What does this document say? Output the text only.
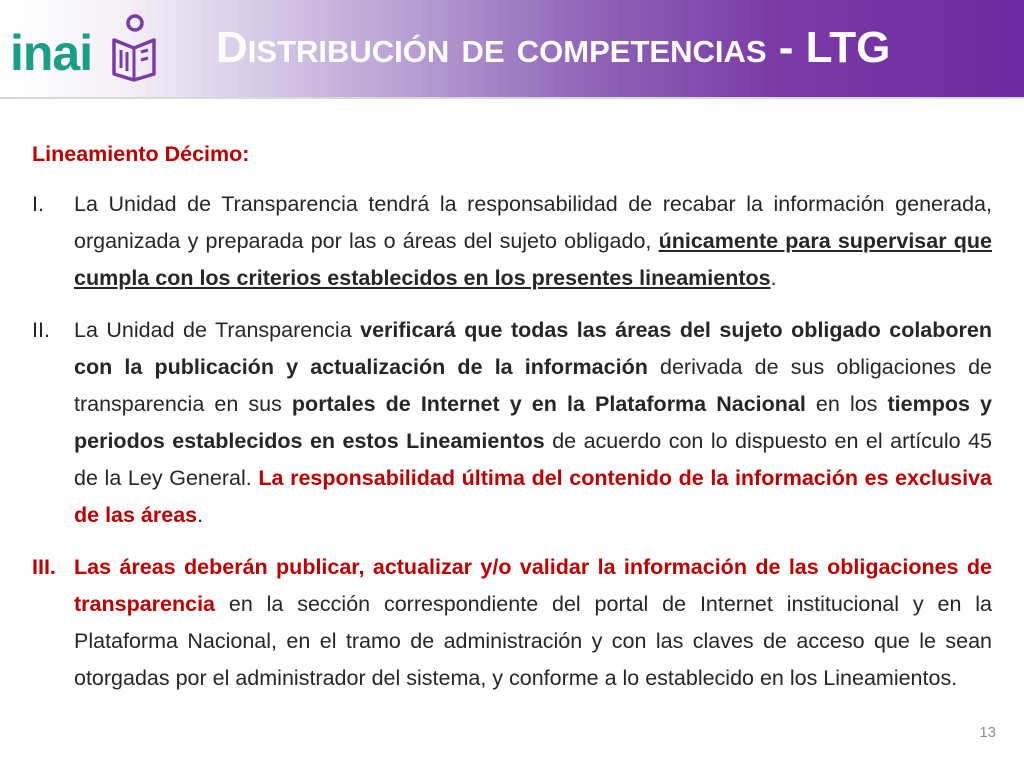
inai	Distribución de competencias - LTG

Lineamiento Décimo:

I.	La Unidad de Transparencia tendrá la responsabilidad de recabar la información generada, organizada y preparada por las o áreas del sujeto obligado, únicamente para supervisar que cumpla con los criterios establecidos en los presentes lineamientos.
II.	La Unidad de Transparencia verificará que todas las áreas del sujeto obligado colaboren con la publicación y actualización de la información derivada de sus obligaciones de transparencia en sus portales de Internet y en la Plataforma Nacional en los tiempos y periodos establecidos en estos Lineamientos de acuerdo con lo dispuesto en el artículo 45 de la Ley General. La responsabilidad última del contenido de la información es exclusiva de las áreas.
III. Las áreas deberán publicar, actualizar y/o validar la información de las obligaciones de transparencia en la sección correspondiente del portal de Internet institucional y en la Plataforma Nacional, en el tramo de administración y con las claves de acceso que le sean otorgadas por el administrador del sistema, y conforme a lo establecido en los Lineamientos.
13
